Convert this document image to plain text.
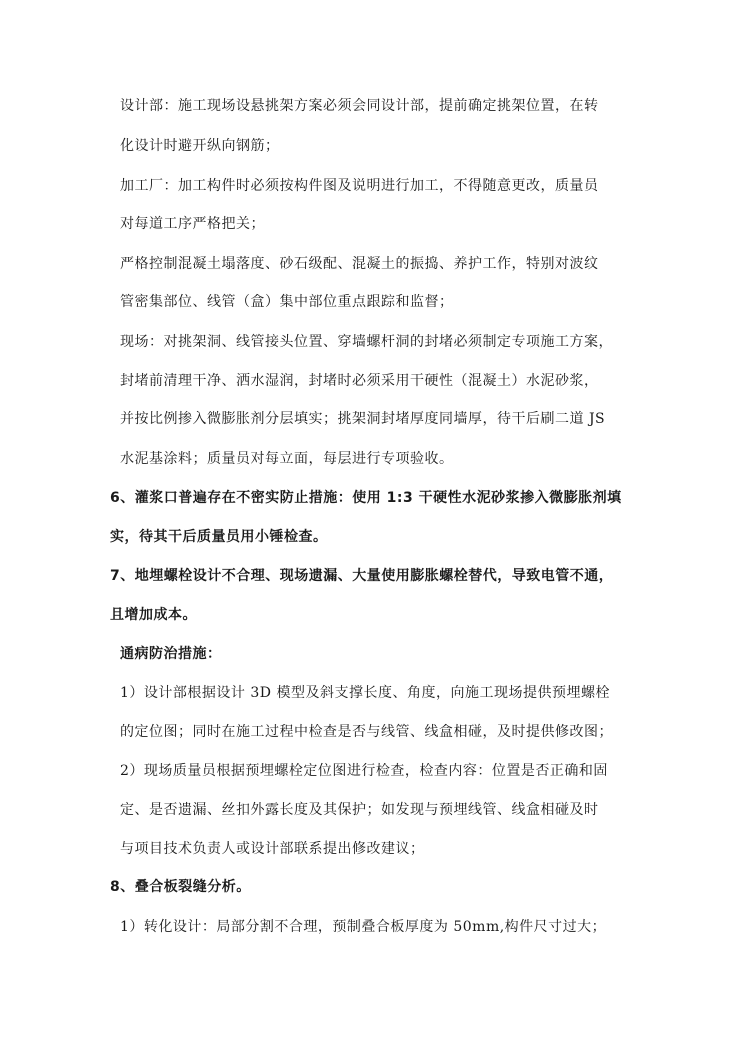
设计部：施工现场设悬挑架方案必须会同设计部，提前确定挑架位置，在转
化设计时避开纵向钢筋；
加工厂：加工构件时必须按构件图及说明进行加工，不得随意更改，质量员
对每道工序严格把关；
严格控制混凝土塌落度、砂石级配、混凝土的振捣、养护工作，特别对波纹
管密集部位、线管（盒）集中部位重点跟踪和监督；
现场：对挑架洞、线管接头位置、穿墙螺杆洞的封堵必须制定专项施工方案，
封堵前清理干净、洒水湿润，封堵时必须采用干硬性（混凝土）水泥砂浆，
并按比例掺入微膨胀剂分层填实；挑架洞封堵厚度同墙厚，待干后刷二道 JS
水泥基涂料；质量员对每立面，每层进行专项验收。
6、灌浆口普遍存在不密实防止措施：使用 1:3 干硬性水泥砂浆掺入微膨胀剂填
实，待其干后质量员用小锤检查。
7、地埋螺栓设计不合理、现场遗漏、大量使用膨胀螺栓替代，导致电管不通，
且增加成本。
通病防治措施：
1）设计部根据设计 3D 模型及斜支撑长度、角度，向施工现场提供预埋螺栓
的定位图；同时在施工过程中检查是否与线管、线盒相碰，及时提供修改图；
2）现场质量员根据预埋螺栓定位图进行检查，检查内容：位置是否正确和固
定、是否遗漏、丝扣外露长度及其保护；如发现与预埋线管、线盒相碰及时
与项目技术负责人或设计部联系提出修改建议；
8、叠合板裂缝分析。
1）转化设计：局部分割不合理，预制叠合板厚度为 50mm,构件尺寸过大；
